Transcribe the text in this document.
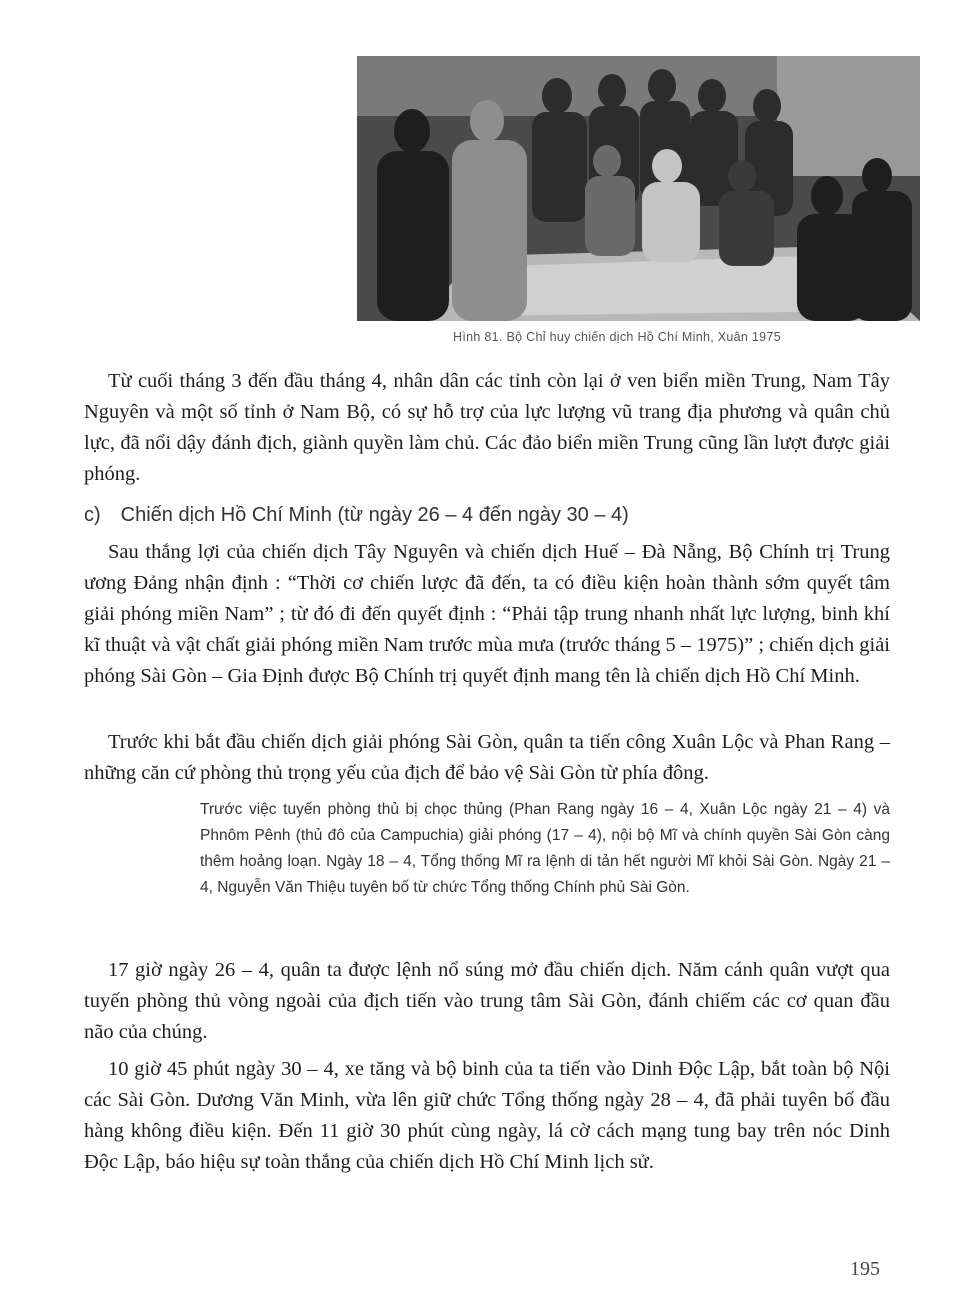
Hình 81. Bộ Chỉ huy chiến dịch Hồ Chí Minh, Xuân 1975

Từ cuối tháng 3 đến đầu tháng 4, nhân dân các tỉnh còn lại ở ven biển miền Trung, Nam Tây Nguyên và một số tỉnh ở Nam Bộ, có sự hỗ trợ của lực lượng vũ trang địa phương và quân chủ lực, đã nổi dậy đánh địch, giành quyền làm chủ. Các đảo biển miền Trung cũng lần lượt được giải phóng.

c) Chiến dịch Hồ Chí Minh (từ ngày 26 – 4 đến ngày 30 – 4)

Sau thắng lợi của chiến dịch Tây Nguyên và chiến dịch Huế – Đà Nẵng, Bộ Chính trị Trung ương Đảng nhận định : “Thời cơ chiến lược đã đến, ta có điều kiện hoàn thành sớm quyết tâm giải phóng miền Nam” ; từ đó đi đến quyết định : “Phải tập trung nhanh nhất lực lượng, binh khí kĩ thuật và vật chất giải phóng miền Nam trước mùa mưa (trước tháng 5 – 1975)” ; chiến dịch giải phóng Sài Gòn – Gia Định được Bộ Chính trị quyết định mang tên là chiến dịch Hồ Chí Minh.

Trước khi bắt đầu chiến dịch giải phóng Sài Gòn, quân ta tiến công Xuân Lộc và Phan Rang – những căn cứ phòng thủ trọng yếu của địch để bảo vệ Sài Gòn từ phía đông.

Trước việc tuyến phòng thủ bị chọc thủng (Phan Rang ngày 16 – 4, Xuân Lộc ngày 21 – 4) và Phnôm Pênh (thủ đô của Campuchia) giải phóng (17 – 4), nội bộ Mĩ và chính quyền Sài Gòn càng thêm hoảng loạn. Ngày 18 – 4, Tổng thống Mĩ ra lệnh di tản hết người Mĩ khỏi Sài Gòn. Ngày 21 – 4, Nguyễn Văn Thiệu tuyên bố từ chức Tổng thống Chính phủ Sài Gòn.

17 giờ ngày 26 – 4, quân ta được lệnh nổ súng mở đầu chiến dịch. Năm cánh quân vượt qua tuyến phòng thủ vòng ngoài của địch tiến vào trung tâm Sài Gòn, đánh chiếm các cơ quan đầu não của chúng.

10 giờ 45 phút ngày 30 – 4, xe tăng và bộ binh của ta tiến vào Dinh Độc Lập, bắt toàn bộ Nội các Sài Gòn. Dương Văn Minh, vừa lên giữ chức Tổng thống ngày 28 – 4, đã phải tuyên bố đầu hàng không điều kiện. Đến 11 giờ 30 phút cùng ngày, lá cờ cách mạng tung bay trên nóc Dinh Độc Lập, báo hiệu sự toàn thắng của chiến dịch Hồ Chí Minh lịch sử.

195
